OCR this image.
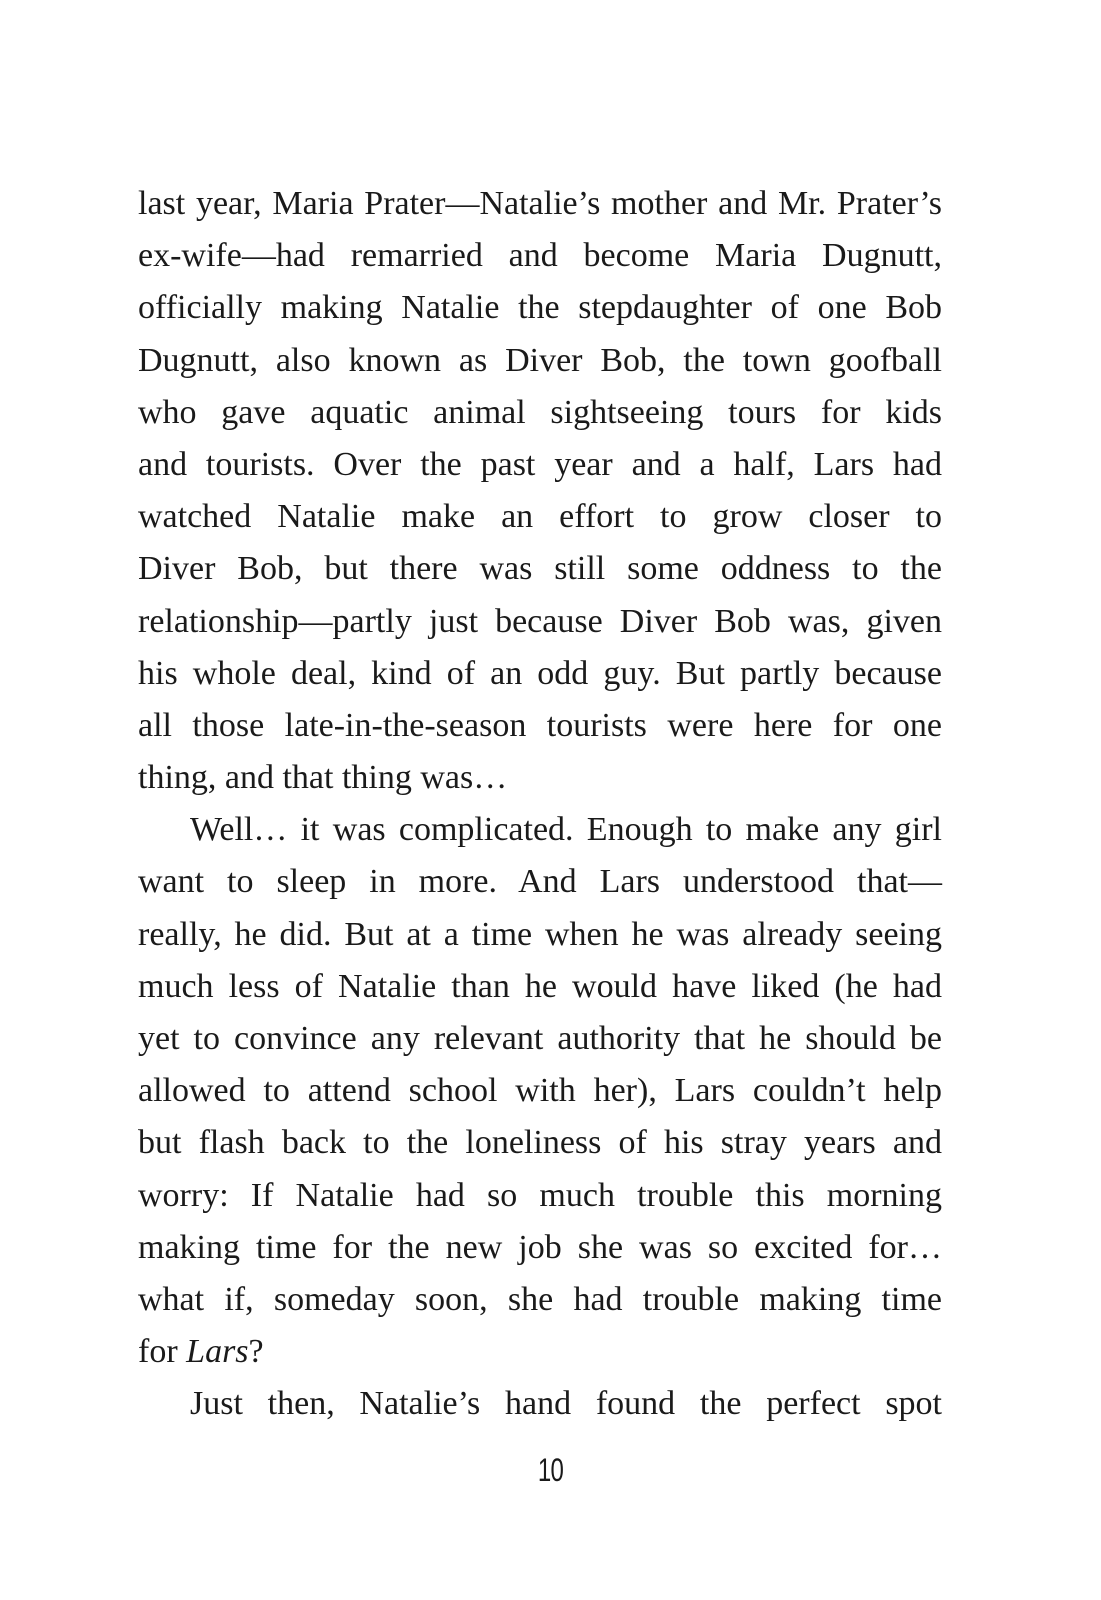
last year, Maria Prater—Natalie’s mother and Mr. Prater’s
ex-wife—had remarried and become Maria Dugnutt,
officially making Natalie the stepdaughter of one Bob
Dugnutt, also known as Diver Bob, the town goofball
who gave aquatic animal sightseeing tours for kids
and tourists. Over the past year and a half, Lars had
watched Natalie make an effort to grow closer to
Diver Bob, but there was still some oddness to the
relationship—partly just because Diver Bob was, given
his whole deal, kind of an odd guy. But partly because
all those late-in-the-season tourists were here for one
thing, and that thing was…
Well… it was complicated. Enough to make any girl
want to sleep in more. And Lars understood that—
really, he did. But at a time when he was already seeing
much less of Natalie than he would have liked (he had
yet to convince any relevant authority that he should be
allowed to attend school with her), Lars couldn’t help
but flash back to the loneliness of his stray years and
worry: If Natalie had so much trouble this morning
making time for the new job she was so excited for…
what if, someday soon, she had trouble making time
for Lars?
Just then, Natalie’s hand found the perfect spot
10
